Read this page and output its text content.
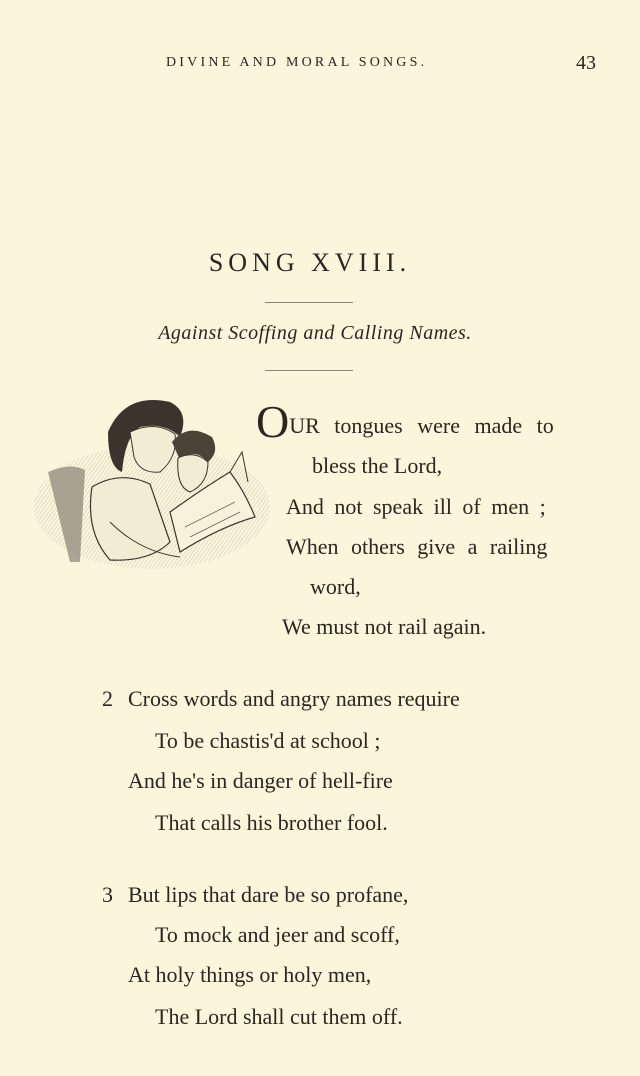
DIVINE AND MORAL SONGS.	43
SONG XVIII.
Against Scoffing and Calling Names.
OUR tongues were made to
bless the Lord,
And not speak ill of men ;
When others give a railing
word,
We must not rail again.
2 Cross words and angry names require
To be chastis'd at school ;
And he's in danger of hell-fire
That calls his brother fool.
3 But lips that dare be so profane,
To mock and jeer and scoff,
At holy things or holy men,
The Lord shall cut them off.
